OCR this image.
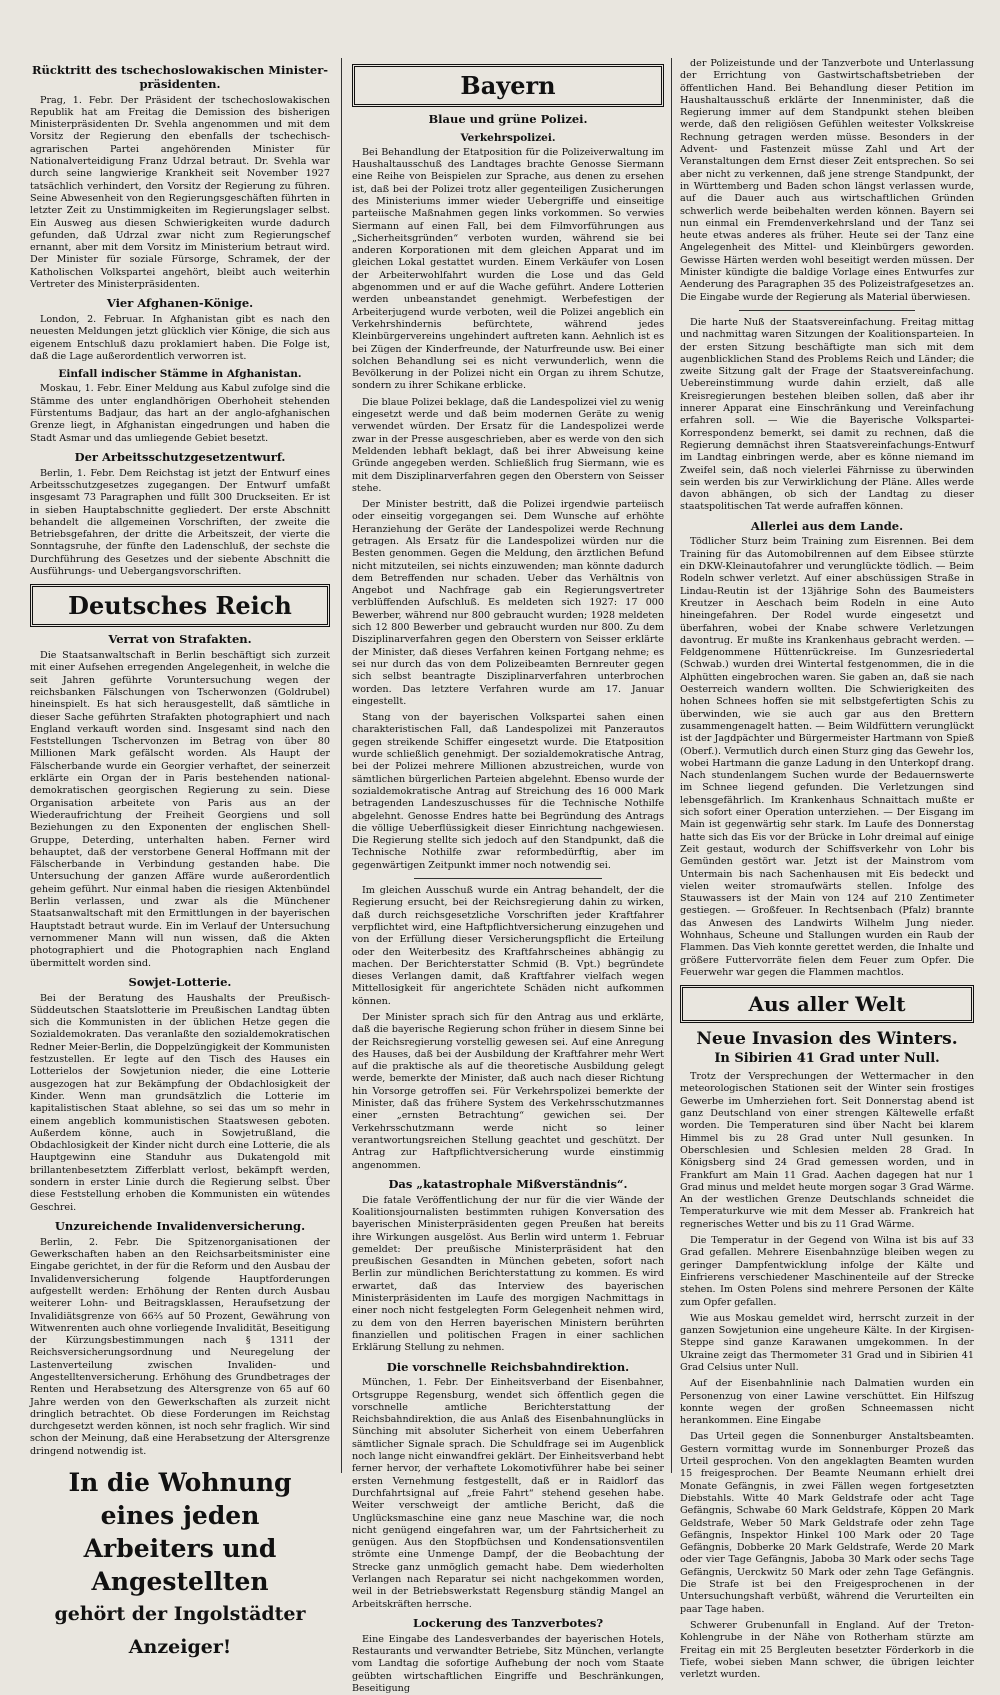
Rücktritt des tschechoslowakischen Minister-präsidenten.

Prag, 1. Febr. Der Präsident der tschechoslowakischen Republik hat am Freitag die Demission des bisherigen Ministerpräsidenten Dr. Svehla angenommen und mit dem Vorsitz der Regierung den ebenfalls der tschechisch-agrarischen Partei angehörenden Minister für Nationalverteidigung Franz Udrzal betraut. Dr. Svehla war durch seine langwierige Krankheit seit November 1927 tatsächlich verhindert, den Vorsitz der Regierung zu führen. Seine Abwesenheit von den Regierungsgeschäften führten in letzter Zeit zu Unstimmigkeiten im Regierungslager selbst. Ein Ausweg aus diesen Schwierigkeiten wurde dadurch gefunden, daß Udrzal zwar nicht zum Regierungschef ernannt, aber mit dem Vorsitz im Ministerium betraut wird. Der Minister für soziale Fürsorge, Schramek, der der Katholischen Volkspartei angehört, bleibt auch weiterhin Vertreter des Ministerpräsidenten.

Vier Afghanen-Könige.

London, 2. Februar. In Afghanistan gibt es nach den neuesten Meldungen jetzt glücklich vier Könige, die sich aus eigenem Entschluß dazu proklamiert haben. Die Folge ist, daß die Lage außerordentlich verworren ist.

Einfall indischer Stämme in Afghanistan.

Moskau, 1. Febr. Einer Meldung aus Kabul zufolge sind die Stämme des unter englandhörigen Oberhoheit stehenden Fürstentums Badjaur, das hart an der anglo-afghanischen Grenze liegt, in Afghanistan eingedrungen und haben die Stadt Asmar und das umliegende Gebiet besetzt.

Der Arbeitsschutzgesetzentwurf.

Berlin, 1. Febr. Dem Reichstag ist jetzt der Entwurf eines Arbeitsschutzgesetzes zugegangen. Der Entwurf umfaßt insgesamt 73 Paragraphen und füllt 300 Druckseiten. Er ist in sieben Hauptabschnitte gegliedert. Der erste Abschnitt behandelt die allgemeinen Vorschriften, der zweite die Betriebsgefahren, der dritte die Arbeitszeit, der vierte die Sonntagsruhe, der fünfte den Ladenschluß, der sechste die Durchführung des Gesetzes und der siebente Abschnitt die Ausführungs- und Uebergangsvorschriften.

Deutsches Reich
Verrat von Strafakten.

Die Staatsanwaltschaft in Berlin beschäftigt sich zurzeit mit einer Aufsehen erregenden Angelegenheit, in welche die seit Jahren geführte Voruntersuchung wegen der reichsbanken Fälschungen von Tscherwonzen (Goldrubel) hineinspielt. Es hat sich herausgestellt, daß sämtliche in dieser Sache geführten Strafakten photographiert und nach England verkauft worden sind. Insgesamt sind nach den Feststellungen Tschervonzen im Betrag von über 80 Millionen Mark gefälscht worden. Als Haupt der Fälscherbande wurde ein Georgier verhaftet, der seinerzeit erklärte ein Organ der in Paris bestehenden national-demokratischen georgischen Regierung zu sein. Diese Organisation arbeitete von Paris aus an der Wiederaufrichtung der Freiheit Georgiens und soll Beziehungen zu den Exponenten der englischen Shell-Gruppe, Deterding, unterhalten haben. Ferner wird behauptet, daß der verstorbene General Hoffmann mit der Fälscherbande in Verbindung gestanden habe. Die Untersuchung der ganzen Affäre wurde außerordentlich geheim geführt. Nur einmal haben die riesigen Aktenbündel Berlin verlassen, und zwar als die Münchener Staatsanwaltschaft mit den Ermittlungen in der bayerischen Hauptstadt betraut wurde. Ein im Verlauf der Untersuchung vernommener Mann will nun wissen, daß die Akten photographiert und die Photographien nach England übermittelt worden sind.

Sowjet-Lotterie.

Bei der Beratung des Haushalts der Preußisch-Süddeutschen Staatslotterie im Preußischen Landtag übten sich die Kommunisten in der üblichen Hetze gegen die Sozialdemokraten. Das veranlaßte den sozialdemokratischen Redner Meier-Berlin, die Doppelzüngigkeit der Kommunisten festzustellen. Er legte auf den Tisch des Hauses ein Lotterielos der Sowjetunion nieder, die eine Lotterie ausgezogen hat zur Bekämpfung der Obdachlosigkeit der Kinder. Wenn man grundsätzlich die Lotterie im kapitalistischen Staat ablehne, so sei das um so mehr in einem angeblich kommunistischen Staatswesen geboten. Außerdem könne, auch in Sowjetrußland, die Obdachlosigkeit der Kinder nicht durch eine Lotterie, die als Hauptgewinn eine Standuhr aus Dukatengold mit brillantenbesetztem Zifferblatt verlost, bekämpft werden, sondern in erster Linie durch die Regierung selbst. Über diese Feststellung erhoben die Kommunisten ein wütendes Geschrei.

Unzureichende Invalidenversicherung.

Berlin, 2. Febr. Die Spitzenorganisationen der Gewerkschaften haben an den Reichsarbeitsminister eine Eingabe gerichtet, in der für die Reform und den Ausbau der Invalidenversicherung folgende Hauptforderungen aufgestellt werden: Erhöhung der Renten durch Ausbau weiterer Lohn- und Beitragsklassen, Heraufsetzung der Invalidiätsgrenze von 66⅔ auf 50 Prozent, Gewährung von Witwenrenten auch ohne vorliegende Invalidität, Beseitigung der Kürzungsbestimmungen nach § 1311 der Reichsversicherungsordnung und Neuregelung der Lastenverteilung zwischen Invaliden- und Angestelltenversicherung. Erhöhung des Grundbetrages der Renten und Herabsetzung des Altersgrenze von 65 auf 60 Jahre werden von den Gewerkschaften als zurzeit nicht dringlich betrachtet. Ob diese Forderungen im Reichstag durchgesetzt werden können, ist noch sehr fraglich. Wir sind schon der Meinung, daß eine Herabsetzung der Altersgrenze dringend notwendig ist.

In die Wohnung eines jeden
Arbeiters und Angestellten
gehört der Ingolstädter Anzeiger!
Bayern
Blaue und grüne Polizei.
Verkehrspolizei.

Bei Behandlung der Etatposition für die Polizeiverwaltung im Haushaltausschuß des Landtages brachte Genosse Siermann eine Reihe von Beispielen zur Sprache, aus denen zu ersehen ist, daß bei der Polizei trotz aller gegenteiligen Zusicherungen des Ministeriums immer wieder Uebergriffe und einseitige parteiische Maßnahmen gegen links vorkommen. So verwies Siermann auf einen Fall, bei dem Filmvorführungen aus „Sicherheitsgründen“ verboten wurden, während sie bei anderen Korporationen mit dem gleichen Apparat und im gleichen Lokal gestattet wurden. Einem Verkäufer von Losen der Arbeiterwohlfahrt wurden die Lose und das Geld abgenommen und er auf die Wache geführt. Andere Lotterien werden unbeanstandet genehmigt. Werbefestigen der Arbeiterjugend wurde verboten, weil die Polizei angeblich ein Verkehrshindernis befürchtete, während jedes Kleinbürgervereins ungehindert auftreten kann. Aehnlich ist es bei Zügen der Kinderfreunde, der Naturfreunde usw. Bei einer solchen Behandlung sei es nicht verwunderlich, wenn die Bevölkerung in der Polizei nicht ein Organ zu ihrem Schutze, sondern zu ihrer Schikane erblicke.

Die blaue Polizei beklage, daß die Landespolizei viel zu wenig eingesetzt werde und daß beim modernen Geräte zu wenig verwendet würden. Der Ersatz für die Landespolizei werde zwar in der Presse ausgeschrieben, aber es werde von den sich Meldenden lebhaft beklagt, daß bei ihrer Abweisung keine Gründe angegeben werden. Schließlich frug Siermann, wie es mit dem Disziplinarverfahren gegen den Oberstern von Seisser stehe.

Der Minister bestritt, daß die Polizei irgendwie parteiisch oder einseitig vorgegangen sei. Dem Wunsche auf erhöhte Heranziehung der Geräte der Landespolizei werde Rechnung getragen. Als Ersatz für die Landespolizei würden nur die Besten genommen. Gegen die Meldung, den ärztlichen Befund nicht mitzuteilen, sei nichts einzuwenden; man könnte dadurch dem Betreffenden nur schaden. Ueber das Verhältnis von Angebot und Nachfrage gab ein Regierungsvertreter verblüffenden Aufschluß. Es meldeten sich 1927: 17 000 Bewerber, während nur 800 gebraucht wurden; 1928 meldeten sich 12 800 Bewerber und gebraucht wurden nur 800. Zu dem Disziplinarverfahren gegen den Oberstern von Seisser erklärte der Minister, daß dieses Verfahren keinen Fortgang nehme; es sei nur durch das von dem Polizeibeamten Bernreuter gegen sich selbst beantragte Disziplinarverfahren unterbrochen worden. Das letztere Verfahren wurde am 17. Januar eingestellt.

Stang von der bayerischen Volkspartei sahen einen charakteristischen Fall, daß Landespolizei mit Panzerautos gegen streikende Schiffer eingesetzt wurde. Die Etatposition wurde schließlich genehmigt. Der sozialdemokratische Antrag, bei der Polizei mehrere Millionen abzustreichen, wurde von sämtlichen bürgerlichen Parteien abgelehnt. Ebenso wurde der sozialdemokratische Antrag auf Streichung des 16 000 Mark betragenden Landeszuschusses für die Technische Nothilfe abgelehnt. Genosse Endres hatte bei Begründung des Antrags die völlige Ueberflüssigkeit dieser Einrichtung nachgewiesen. Die Regierung stellte sich jedoch auf den Standpunkt, daß die Technische Nothilfe zwar reformbedürftig, aber im gegenwärtigen Zeitpunkt immer noch notwendig sei.

Im gleichen Ausschuß wurde ein Antrag behandelt, der die Regierung ersucht, bei der Reichsregierung dahin zu wirken, daß durch reichsgesetzliche Vorschriften jeder Kraftfahrer verpflichtet wird, eine Haftpflichtversicherung einzugehen und von der Erfüllung dieser Versicherungspflicht die Erteilung oder den Weiterbesitz des Kraftfahrscheines abhängig zu machen. Der Berichterstatter Schmid (B. Vpt.) begründete dieses Verlangen damit, daß Kraftfahrer vielfach wegen Mittellosigkeit für angerichtete Schäden nicht aufkommen können.

Der Minister sprach sich für den Antrag aus und erklärte, daß die bayerische Regierung schon früher in diesem Sinne bei der Reichsregierung vorstellig gewesen sei. Auf eine Anregung des Hauses, daß bei der Ausbildung der Kraftfahrer mehr Wert auf die praktische als auf die theoretische Ausbildung gelegt werde, bemerkte der Minister, daß auch nach dieser Richtung hin Vorsorge getroffen sei. Für Verkehrspolizei bemerkte der Minister, daß das frühere System des Verkehrsschutzmannes einer „ernsten Betrachtung“ gewichen sei. Der Verkehrsschutzmann werde nicht so leiner verantwortungsreichen Stellung geachtet und geschützt. Der Antrag zur Haftpflichtversicherung wurde einstimmig angenommen.

Das „katastrophale Mißverständnis“.

Die fatale Veröffentlichung der nur für die vier Wände der Koalitionsjournalisten bestimmten ruhigen Konversation des bayerischen Ministerpräsidenten gegen Preußen hat bereits ihre Wirkungen ausgelöst. Aus Berlin wird unterm 1. Februar gemeldet: Der preußische Ministerpräsident hat den preußischen Gesandten in München gebeten, sofort nach Berlin zur mündlichen Berichterstattung zu kommen. Es wird erwartet, daß das Interview des bayerischen Ministerpräsidenten im Laufe des morgigen Nachmittags in einer noch nicht festgelegten Form Gelegenheit nehmen wird, zu dem von den Herren bayerischen Ministern berührten finanziellen und politischen Fragen in einer sachlichen Erklärung Stellung zu nehmen.

Die vorschnelle Reichsbahndirektion.

München, 1. Febr. Der Einheitsverband der Eisenbahner, Ortsgruppe Regensburg, wendet sich öffentlich gegen die vorschnelle amtliche Berichterstattung der Reichsbahndirektion, die aus Anlaß des Eisenbahnunglücks in Sünching mit absoluter Sicherheit von einem Ueberfahren sämtlicher Signale sprach. Die Schuldfrage sei im Augenblick noch lange nicht einwandfrei geklärt. Der Einheitsverband hebt ferner hervor, der verhaftete Lokomotivführer habe bei seiner ersten Vernehmung festgestellt, daß er in Raidlorf das Durchfahrtsignal auf „freie Fahrt“ stehend gesehen habe. Weiter verschweigt der amtliche Bericht, daß die Unglücksmaschine eine ganz neue Maschine war, die noch nicht genügend eingefahren war, um der Fahrtsicherheit zu genügen. Aus den Stopfbüchsen und Kondensationsventilen strömte eine Unmenge Dampf, der die Beobachtung der Strecke ganz unmöglich gemacht habe. Dem wiederholten Verlangen nach Reparatur sei nicht nachgekommen worden, weil in der Betriebswerkstatt Regensburg ständig Mangel an Arbeitskräften herrsche.

Lockerung des Tanzverbotes?

Eine Eingabe des Landesverbandes der bayerischen Hotels, Restaurants und verwandter Betriebe, Sitz München, verlangte vom Landtag die sofortige Aufhebung der noch vom Staate geübten wirtschaftlichen Eingriffe und Beschränkungen, Beseitigung

der Polizeistunde und der Tanzverbote und Unterlassung der Errichtung von Gastwirtschaftsbetrieben der öffentlichen Hand. Bei Behandlung dieser Petition im Haushaltausschuß erklärte der Innenminister, daß die Regierung immer auf dem Standpunkt stehen bleiben werde, daß den religiösen Gefühlen weitester Volkskreise Rechnung getragen werden müsse. Besonders in der Advent- und Fastenzeit müsse Zahl und Art der Veranstaltungen dem Ernst dieser Zeit entsprechen. So sei aber nicht zu verkennen, daß jene strenge Standpunkt, der in Württemberg und Baden schon längst verlassen wurde, auf die Dauer auch aus wirtschaftlichen Gründen schwerlich werde beibehalten werden können. Bayern sei nun einmal ein Fremdenverkehrsland und der Tanz sei heute etwas anderes als früher. Heute sei der Tanz eine Angelegenheit des Mittel- und Kleinbürgers geworden. Gewisse Härten werden wohl beseitigt werden müssen. Der Minister kündigte die baldige Vorlage eines Entwurfes zur Aenderung des Paragraphen 35 des Polizeistrafgesetzes an. Die Eingabe wurde der Regierung als Material überwiesen.

Die harte Nuß der Staatsvereinfachung. Freitag mittag und nachmittag waren Sitzungen der Koalitionsparteien. In der ersten Sitzung beschäftigte man sich mit dem augenblicklichen Stand des Problems Reich und Länder; die zweite Sitzung galt der Frage der Staatsvereinfachung. Uebereinstimmung wurde dahin erzielt, daß alle Kreisregierungen bestehen bleiben sollen, daß aber ihr innerer Apparat eine Einschränkung und Vereinfachung erfahren soll. — Wie die Bayerische Volkspartei-Korrespondenz bemerkt, sei damit zu rechnen, daß die Regierung demnächst ihren Staatsvereinfachungs-Entwurf im Landtag einbringen werde, aber es könne niemand im Zweifel sein, daß noch vielerlei Fährnisse zu überwinden sein werden bis zur Verwirklichung der Pläne. Alles werde davon abhängen, ob sich der Landtag zu dieser staatspolitischen Tat werde aufraffen können.

Allerlei aus dem Lande.

Tödlicher Sturz beim Training zum Eisrennen. Bei dem Training für das Automobilrennen auf dem Eibsee stürzte ein DKW-Kleinautofahrer und verunglückte tödlich. — Beim Rodeln schwer verletzt. Auf einer abschüssigen Straße in Lindau-Reutin ist der 13jährige Sohn des Baumeisters Kreutzer in Aeschach beim Rodeln in eine Auto hineingefahren. Der Rodel wurde eingesetzt und überfahren, wobei der Knabe schwere Verletzungen davontrug. Er mußte ins Krankenhaus gebracht werden. — Feldgenommene Hüttenrückreise. Im Gunzesriedertal (Schwab.) wurden drei Wintertal festgenommen, die in die Alphütten eingebrochen waren. Sie gaben an, daß sie nach Oesterreich wandern wollten. Die Schwierigkeiten des hohen Schnees hoffen sie mit selbstgefertigten Schis zu überwinden, wie sie auch gar aus den Brettern zusammengenagelt hatten. — Beim Wildfüttern verunglückt ist der Jagdpächter und Bürgermeister Hartmann von Spieß (Oberf.). Vermutlich durch einen Sturz ging das Gewehr los, wobei Hartmann die ganze Ladung in den Unterkopf drang. Nach stundenlangem Suchen wurde der Bedauernswerte im Schnee liegend gefunden. Die Verletzungen sind lebensgefährlich. Im Krankenhaus Schnaittach mußte er sich sofort einer Operation unterziehen. — Der Eisgang im Main ist gegenwärtig sehr stark. Im Laufe des Donnerstag hatte sich das Eis vor der Brücke in Lohr dreimal auf einige Zeit gestaut, wodurch der Schiffsverkehr von Lohr bis Gemünden gestört war. Jetzt ist der Mainstrom vom Untermain bis nach Sachenhausen mit Eis bedeckt und vielen weiter stromaufwärts stellen. Infolge des Stauwassers ist der Main von 124 auf 210 Zentimeter gestiegen. — Großfeuer. In Rechtsenbach (Pfalz) brannte das Anwesen des Landwirts Wilhelm Jung nieder. Wohnhaus, Scheune und Stallungen wurden ein Raub der Flammen. Das Vieh konnte gerettet werden, die Inhalte und größere Futtervorräte fielen dem Feuer zum Opfer. Die Feuerwehr war gegen die Flammen machtlos.

Aus aller Welt
Neue Invasion des Winters.
In Sibirien 41 Grad unter Null.

Trotz der Versprechungen der Wettermacher in den meteorologischen Stationen seit der Winter sein frostiges Gewerbe im Umherziehen fort. Seit Donnerstag abend ist ganz Deutschland von einer strengen Kältewelle erfaßt worden. Die Temperaturen sind über Nacht bei klarem Himmel bis zu 28 Grad unter Null gesunken. In Oberschlesien und Schlesien melden 28 Grad. In Königsberg sind 24 Grad gemessen worden, und in Frankfurt am Main 11 Grad. Aachen dagegen hat nur 1 Grad minus und meldet heute morgen sogar 3 Grad Wärme. An der westlichen Grenze Deutschlands schneidet die Temperaturkurve wie mit dem Messer ab. Frankreich hat regnerisches Wetter und bis zu 11 Grad Wärme.

Die Temperatur in der Gegend von Wilna ist bis auf 33 Grad gefallen. Mehrere Eisenbahnzüge bleiben wegen zu geringer Dampfentwicklung infolge der Kälte und Einfrierens verschiedener Maschinenteile auf der Strecke stehen. Im Osten Polens sind mehrere Personen der Kälte zum Opfer gefallen.

Wie aus Moskau gemeldet wird, herrscht zurzeit in der ganzen Sowjetunion eine ungeheure Kälte. In der Kirgisen-Steppe sind ganze Karawanen umgekommen. In der Ukraine zeigt das Thermometer 31 Grad und in Sibirien 41 Grad Celsius unter Null.

Auf der Eisenbahnlinie nach Dalmatien wurden ein Personenzug von einer Lawine verschüttet. Ein Hilfszug konnte wegen der großen Schneemassen nicht herankommen. Eine Eingabe

Das Urteil gegen die Sonnenburger Anstaltsbeamten. Gestern vormittag wurde im Sonnenburger Prozeß das Urteil gesprochen. Von den angeklagten Beamten wurden 15 freigesprochen. Der Beamte Neumann erhielt drei Monate Gefängnis, in zwei Fällen wegen fortgesetzten Diebstahls. Witte 40 Mark Geldstrafe oder acht Tage Gefängnis, Schwabe 60 Mark Geldstrafe, Köppen 20 Mark Geldstrafe, Weber 50 Mark Geldstrafe oder zehn Tage Gefängnis, Inspektor Hinkel 100 Mark oder 20 Tage Gefängnis, Dobberke 20 Mark Geldstrafe, Werde 20 Mark oder vier Tage Gefängnis, Jaboba 30 Mark oder sechs Tage Gefängnis, Uerckwitz 50 Mark oder zehn Tage Gefängnis. Die Strafe ist bei den Freigesprochenen in der Untersuchungshaft verbüßt, während die Verurteilten ein paar Tage haben.

Schwerer Grubenunfall in England. Auf der Treton-Kohlengrube in der Nähe von Rotherham stürzte am Freitag ein mit 25 Bergleuten besetzter Förderkorb in die Tiefe, wobei sieben Mann schwer, die übrigen leichter verletzt wurden.
